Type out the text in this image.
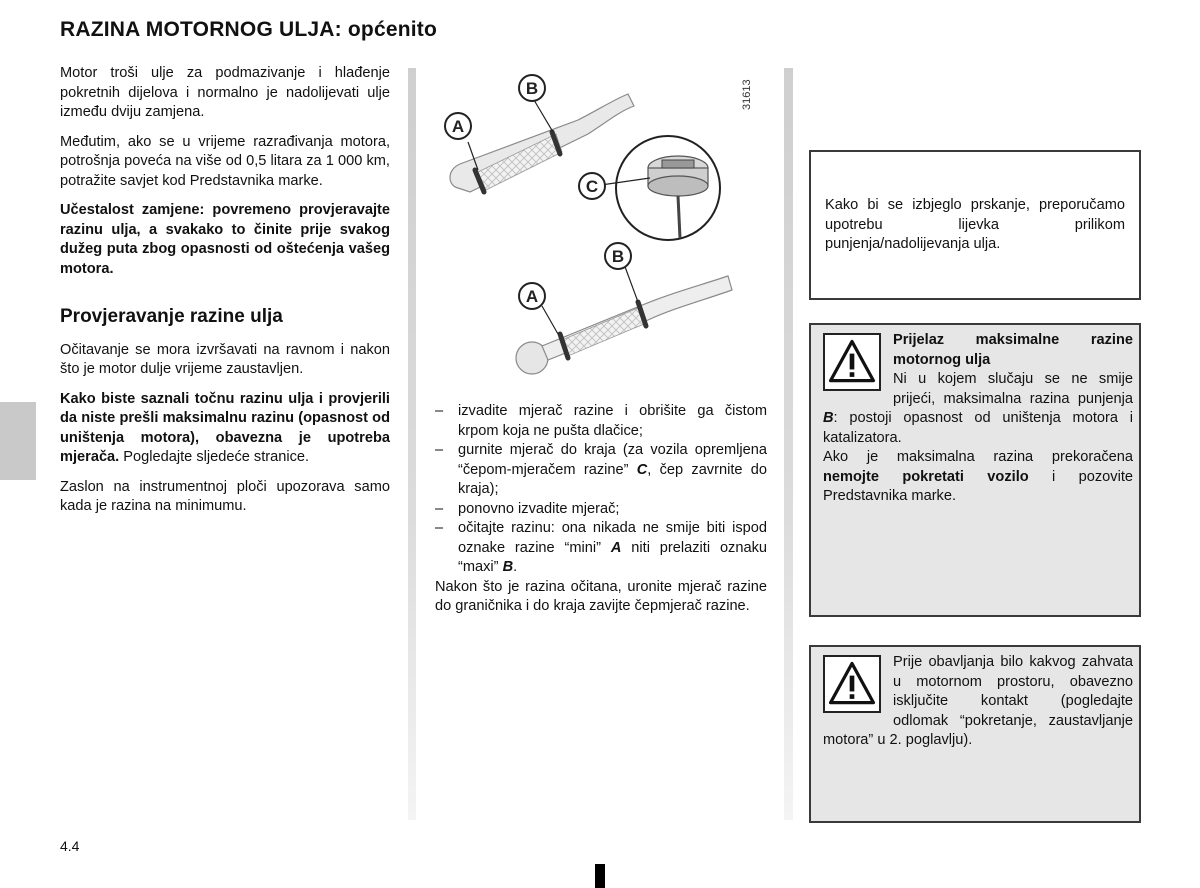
RAZINA MOTORNOG ULJA: općenito

Motor troši ulje za podmazivanje i hlađenje pokretnih dijelova i normalno je nadolijevati ulje između dviju zamjena.

Međutim, ako se u vrijeme razrađivanja motora, potrošnja poveća na više od 0,5 litara za 1 000 km, potražite savjet kod Predstavnika marke.

Učestalost zamjene: povremeno provjeravajte razinu ulja, a svakako to činite prije svakog dužeg puta zbog opasnosti od oštećenja vašeg motora.

Provjeravanje razine ulja

Očitavanje se mora izvršavati na ravnom i nakon što je motor dulje vrijeme zaustavljen.

Kako biste saznali točnu razinu ulja i provjerili da niste prešli maksimalnu razinu (opasnost od uništenja motora), obavezna je upotreba mjerača. Pogledajte sljedeće stranice.

Zaslon na instrumentnoj ploči upozorava samo kada je razina na minimumu.

31613
A
B
C
A
B
– izvadite mjerač razine i obrišite ga čistom krpom koja ne pušta dlačice;
– gurnite mjerač do kraja (za vozila opremljena “čepom-mjeračem razine” C, čep zavrnite do kraja);
– ponovno izvadite mjerač;
– očitajte razinu: ona nikada ne smije biti ispod oznake razine “mini” A niti prelaziti oznaku “maxi” B.

Nakon što je razina očitana, uronite mjerač razine do graničnika i do kraja zavijte čepmjerač razine.

Kako bi se izbjeglo prskanje, preporučamo upotrebu lijevka prilikom punjenja/nadolijevanja ulja.

Prijelaz maksimalne razine motornog ulja

Ni u kojem slučaju se ne smije prijeći, maksimalna razina punjenja B: postoji opasnost od uništenja motora i katalizatora.

Ako je maksimalna razina prekoračena nemojte pokretati vozilo i pozovite Predstavnika marke.

Prije obavljanja bilo kakvog zahvata u motornom prostoru, obavezno isključite kontakt (pogledajte odlomak “pokretanje, zaustavljanje motora” u 2. poglavlju).

4.4
